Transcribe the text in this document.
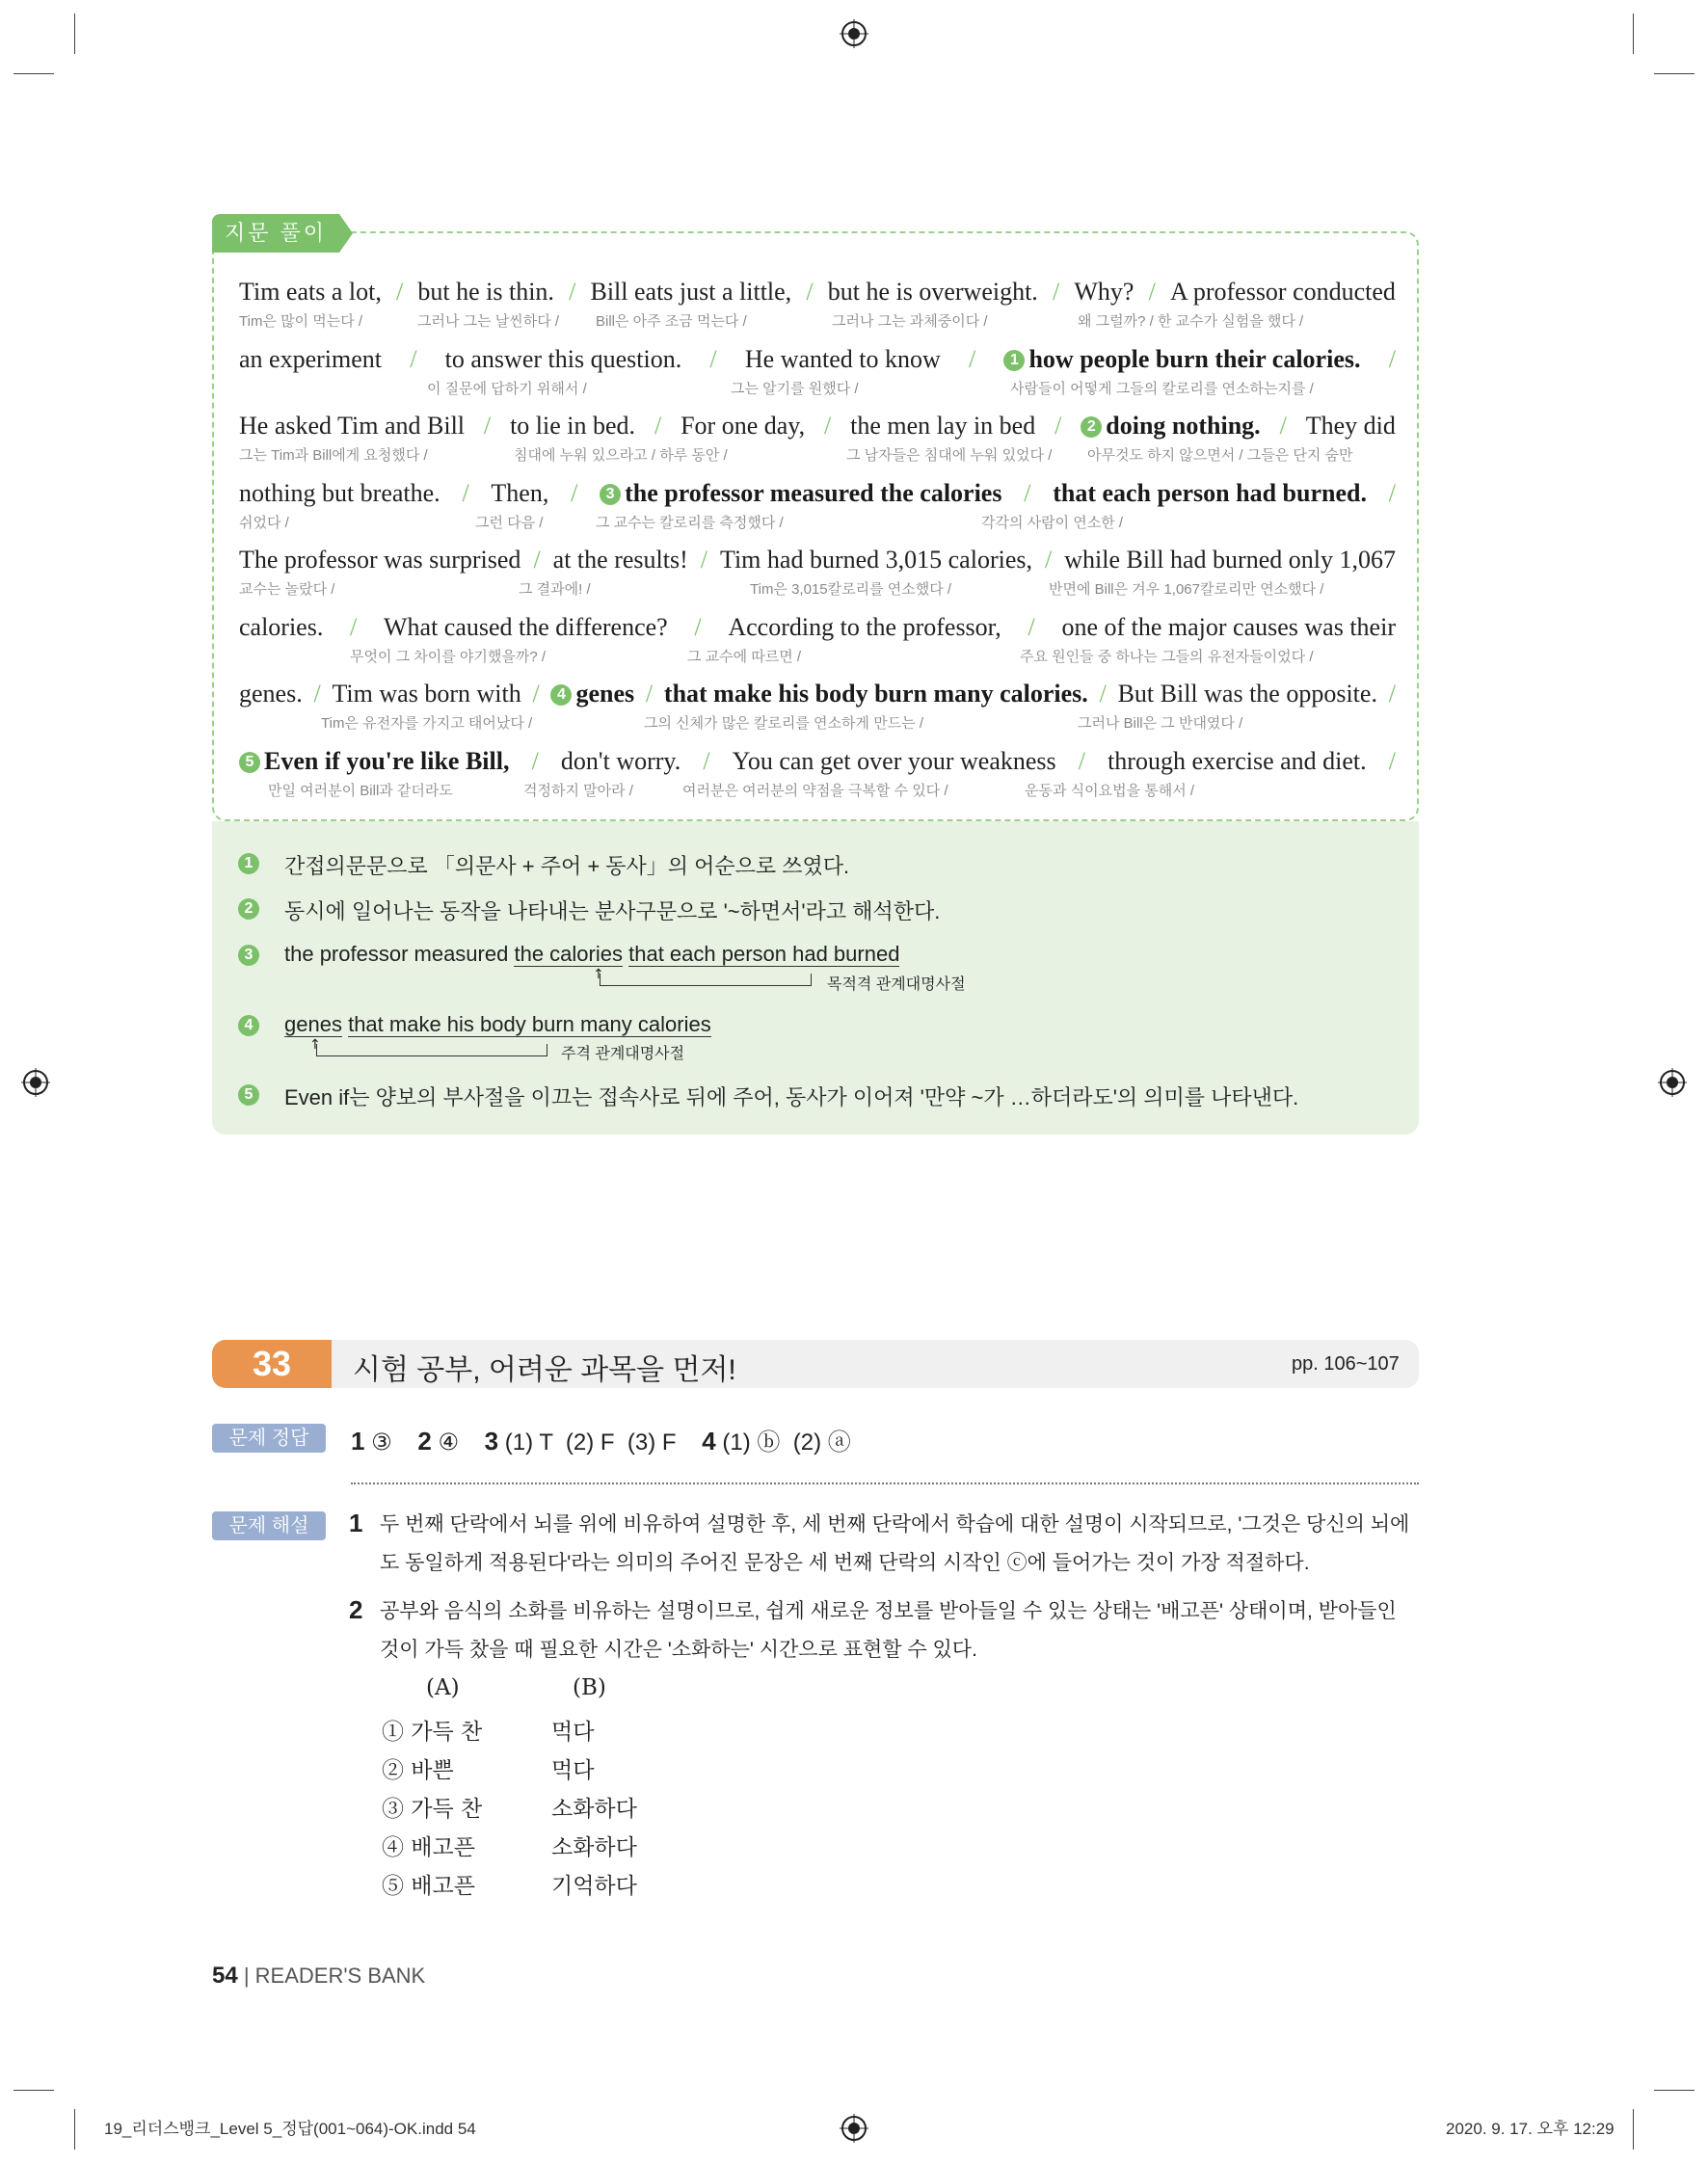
지문 풀이
Tim eats a lot, / but he is thin. / Bill eats just a little, / but he is overweight. / Why? / A professor conducted
Tim은 많이 먹는다 /	그러나 그는 날씬하다 /	Bill은 아주 조금 먹는다 /	그러나 그는 과체중이다 /	왜 그럴까? / 한 교수가 실험을 했다 /
an experiment / to answer this question. / He wanted to know /	1 how people burn their calories. /
이 질문에 답하기 위해서 /	그는 알기를 원했다 /	사람들이 어떻게 그들의 칼로리를 연소하는지를 /
He asked Tim and Bill / to lie in bed. / For one day, / the men lay in bed /	2 doing nothing. / They did
그는 Tim과 Bill에게 요청했다 /	침대에 누워 있으라고 / 하루 동안 /	그 남자들은 침대에 누워 있었다 / 아무것도 하지 않으면서 / 그들은 단지 숨만
nothing but breathe. / Then, /	3 the professor measured the calories / that each person had burned. /
쉬었다 /	그런 다음 /	그 교수는 칼로리를 측정했다 /	각각의 사람이 연소한 /
The professor was surprised / at the results! / Tim had burned 3,015 calories, / while Bill had burned only 1,067
교수는 놀랐다 /	그 결과에! /	Tim은 3,015칼로리를 연소했다 /	반면에 Bill은 겨우 1,067칼로리만 연소했다 /
calories. / What caused the difference? / According to the professor, / one of the major causes was their
무엇이 그 차이를 야기했을까? /	그 교수에 따르면 /	주요 원인들 중 하나는 그들의 유전자들이었다 /
genes. / Tim was born with /	4 genes / that make his body burn many calories. / But Bill was the opposite. /
Tim은 유전자를 가지고 태어났다 /	그의 신체가 많은 칼로리를 연소하게 만드는 /	그러나 Bill은 그 반대였다 /
5 Even if you're like Bill, / don't worry. / You can get over your weakness / through exercise and diet. /
만일 여러분이 Bill과 같더라도	걱정하지 말아라 /	여러분은 여러분의 약점을 극복할 수 있다 /	운동과 식이요법을 통해서 /
1 간접의문문으로 「의문사 + 주어 + 동사」의 어순으로 쓰였다.
2 동시에 일어나는 동작을 나타내는 분사구문으로 '~하면서'라고 해석한다.
3 the professor measured the calories that each person had burned
↑
목적격 관계대명사절
4 genes that make his body burn many calories
↑
주격 관계대명사절
5 Even if는 양보의 부사절을 이끄는 접속사로 뒤에 주어, 동사가 이어져 '만약 ~가 …하더라도'의 의미를 나타낸다.
33	시험 공부, 어려운 과목을 먼저!	pp. 106~107
문제 정답	1 ③ 2 ④ 3 (1) T  (2) F  (3) F 4 (1) ⓑ  (2) ⓐ
문제 해설	1 두 번째 단락에서 뇌를 위에 비유하여 설명한 후, 세 번째 단락에서 학습에 대한 설명이 시작되므로, '그것은 당신의 뇌에도 동일하게 적용된다'라는 의미의 주어진 문장은 세 번째 단락의 시작인 ⓒ에 들어가는 것이 가장 적절하다.
2 공부와 음식의 소화를 비유하는 설명이므로, 쉽게 새로운 정보를 받아들일 수 있는 상태는 '배고픈' 상태이며, 받아들인 것이 가득 찼을 때 필요한 시간은 '소화하는' 시간으로 표현할 수 있다.
(A)	(B)
① 가득 찬	먹다
② 바쁜	먹다
③ 가득 찬	소화하다
④ 배고픈	소화하다
⑤ 배고픈	기억하다
54 | READER'S BANK
19_리더스뱅크_Level 5_정답(001~064)-OK.indd 54	2020. 9. 17. 오후 12:29
